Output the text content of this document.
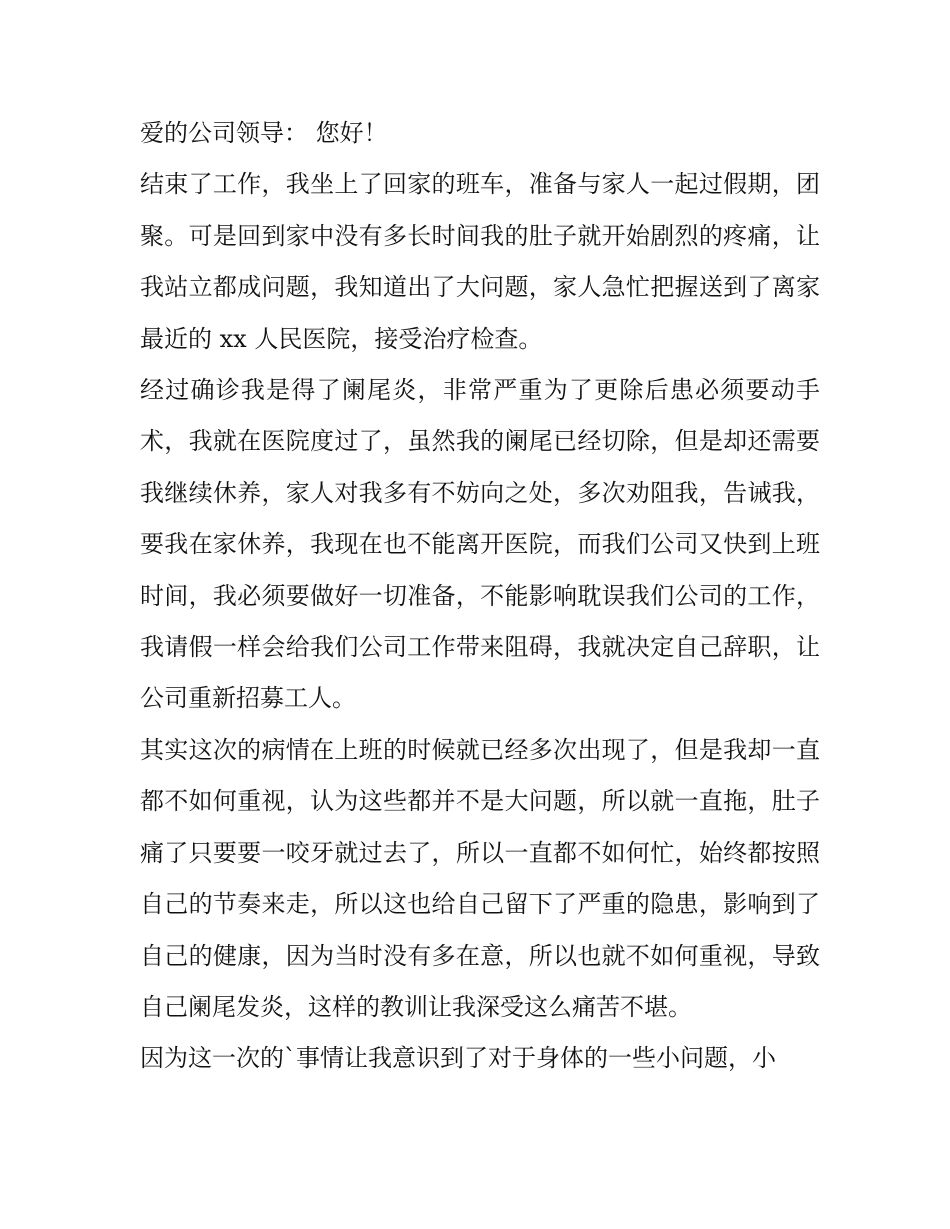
爱的公司领导： 您好！

结束了工作，我坐上了回家的班车，准备与家人一起过假期，团聚。可是回到家中没有多长时间我的肚子就开始剧烈的疼痛，让我站立都成问题，我知道出了大问题，家人急忙把握送到了离家最近的 xx 人民医院，接受治疗检查。

经过确诊我是得了阑尾炎，非常严重为了更除后患必须要动手术，我就在医院度过了，虽然我的阑尾已经切除，但是却还需要我继续休养，家人对我多有不妨向之处，多次劝阻我，告诫我，要我在家休养，我现在也不能离开医院，而我们公司又快到上班时间，我必须要做好一切准备，不能影响耽误我们公司的工作，我请假一样会给我们公司工作带来阻碍，我就决定自己辞职，让公司重新招募工人。

其实这次的病情在上班的时候就已经多次出现了，但是我却一直都不如何重视，认为这些都并不是大问题，所以就一直拖，肚子痛了只要要一咬牙就过去了，所以一直都不如何忙，始终都按照自己的节奏来走，所以这也给自己留下了严重的隐患，影响到了自己的健康，因为当时没有多在意，所以也就不如何重视，导致自己阑尾发炎，这样的教训让我深受这么痛苦不堪。

因为这一次的`事情让我意识到了对于身体的一些小问题，小
